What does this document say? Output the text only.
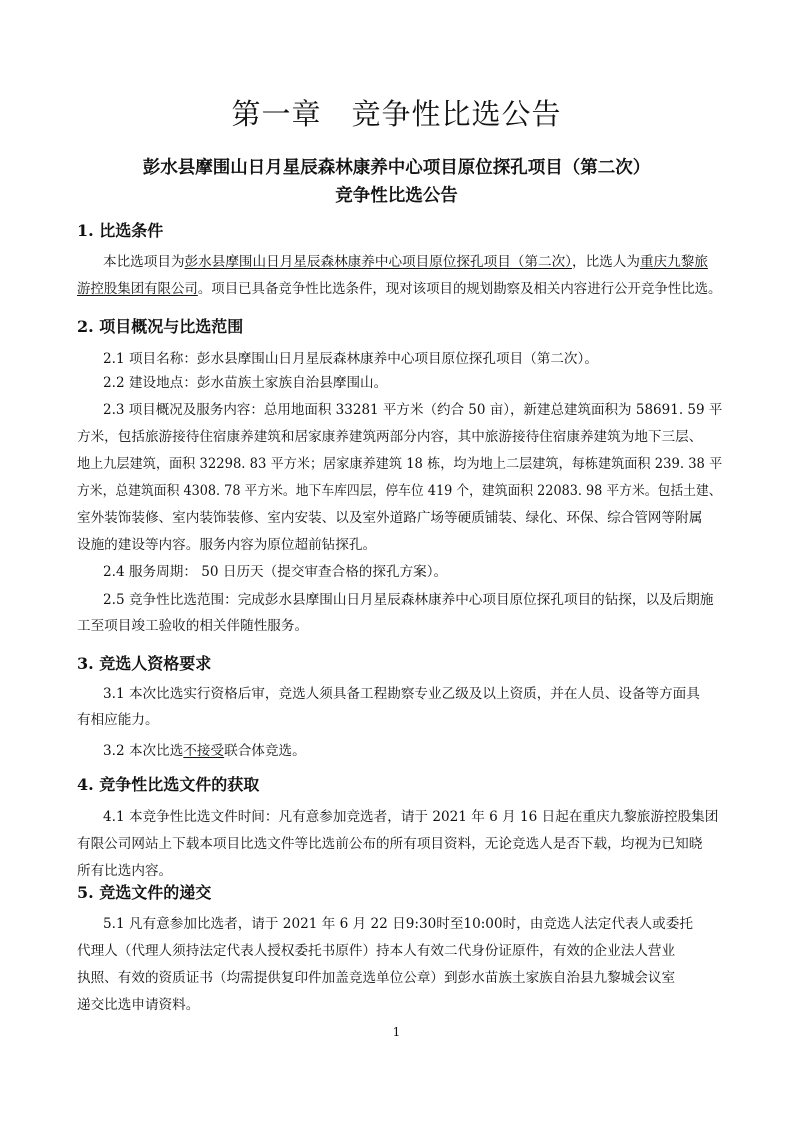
第一章 竞争性比选公告
彭水县摩围山日月星辰森林康养中心项目原位探孔项目（第二次）
竞争性比选公告
1. 比选条件
本比选项目为彭水县摩围山日月星辰森林康养中心项目原位探孔项目（第二次），比选人为重庆九黎旅
游控股集团有限公司。项目已具备竞争性比选条件，现对该项目的规划勘察及相关内容进行公开竞争性比选。
2. 项目概况与比选范围
2.1 项目名称：彭水县摩围山日月星辰森林康养中心项目原位探孔项目（第二次）。
2.2 建设地点：彭水苗族土家族自治县摩围山。
2.3 项目概况及服务内容：总用地面积 33281 平方米（约合 50 亩），新建总建筑面积为 58691. 59 平
方米，包括旅游接待住宿康养建筑和居家康养建筑两部分内容，其中旅游接待住宿康养建筑为地下三层、
地上九层建筑，面积 32298. 83 平方米；居家康养建筑 18 栋，均为地上二层建筑，每栋建筑面积 239. 38 平
方米，总建筑面积 4308. 78 平方米。地下车库四层，停车位 419 个，建筑面积 22083. 98 平方米。包括土建、
室外装饰装修、室内装饰装修、室内安装、以及室外道路广场等硬质铺装、绿化、环保、综合管网等附属
设施的建设等内容。服务内容为原位超前钻探孔。
2.4 服务周期： 50 日历天（提交审查合格的探孔方案）。
2.5 竞争性比选范围：完成彭水县摩围山日月星辰森林康养中心项目原位探孔项目的钻探，以及后期施
工至项目竣工验收的相关伴随性服务。
3. 竞选人资格要求
3.1 本次比选实行资格后审，竞选人须具备工程勘察专业乙级及以上资质，并在人员、设备等方面具
有相应能力。
3.2 本次比选不接受联合体竞选。
4. 竞争性比选文件的获取
4.1 本竞争性比选文件时间：凡有意参加竞选者，请于 2021 年 6 月 16 日起在重庆九黎旅游控股集团
有限公司网站上下载本项目比选文件等比选前公布的所有项目资料，无论竞选人是否下载，均视为已知晓
所有比选内容。
5. 竞选文件的递交
5.1 凡有意参加比选者，请于 2021 年 6 月 22 日9:30时至10:00时，由竞选人法定代表人或委托
代理人（代理人须持法定代表人授权委托书原件）持本人有效二代身份证原件，有效的企业法人营业
执照、有效的资质证书（均需提供复印件加盖竞选单位公章）到彭水苗族土家族自治县九黎城会议室
递交比选申请资料。
1
